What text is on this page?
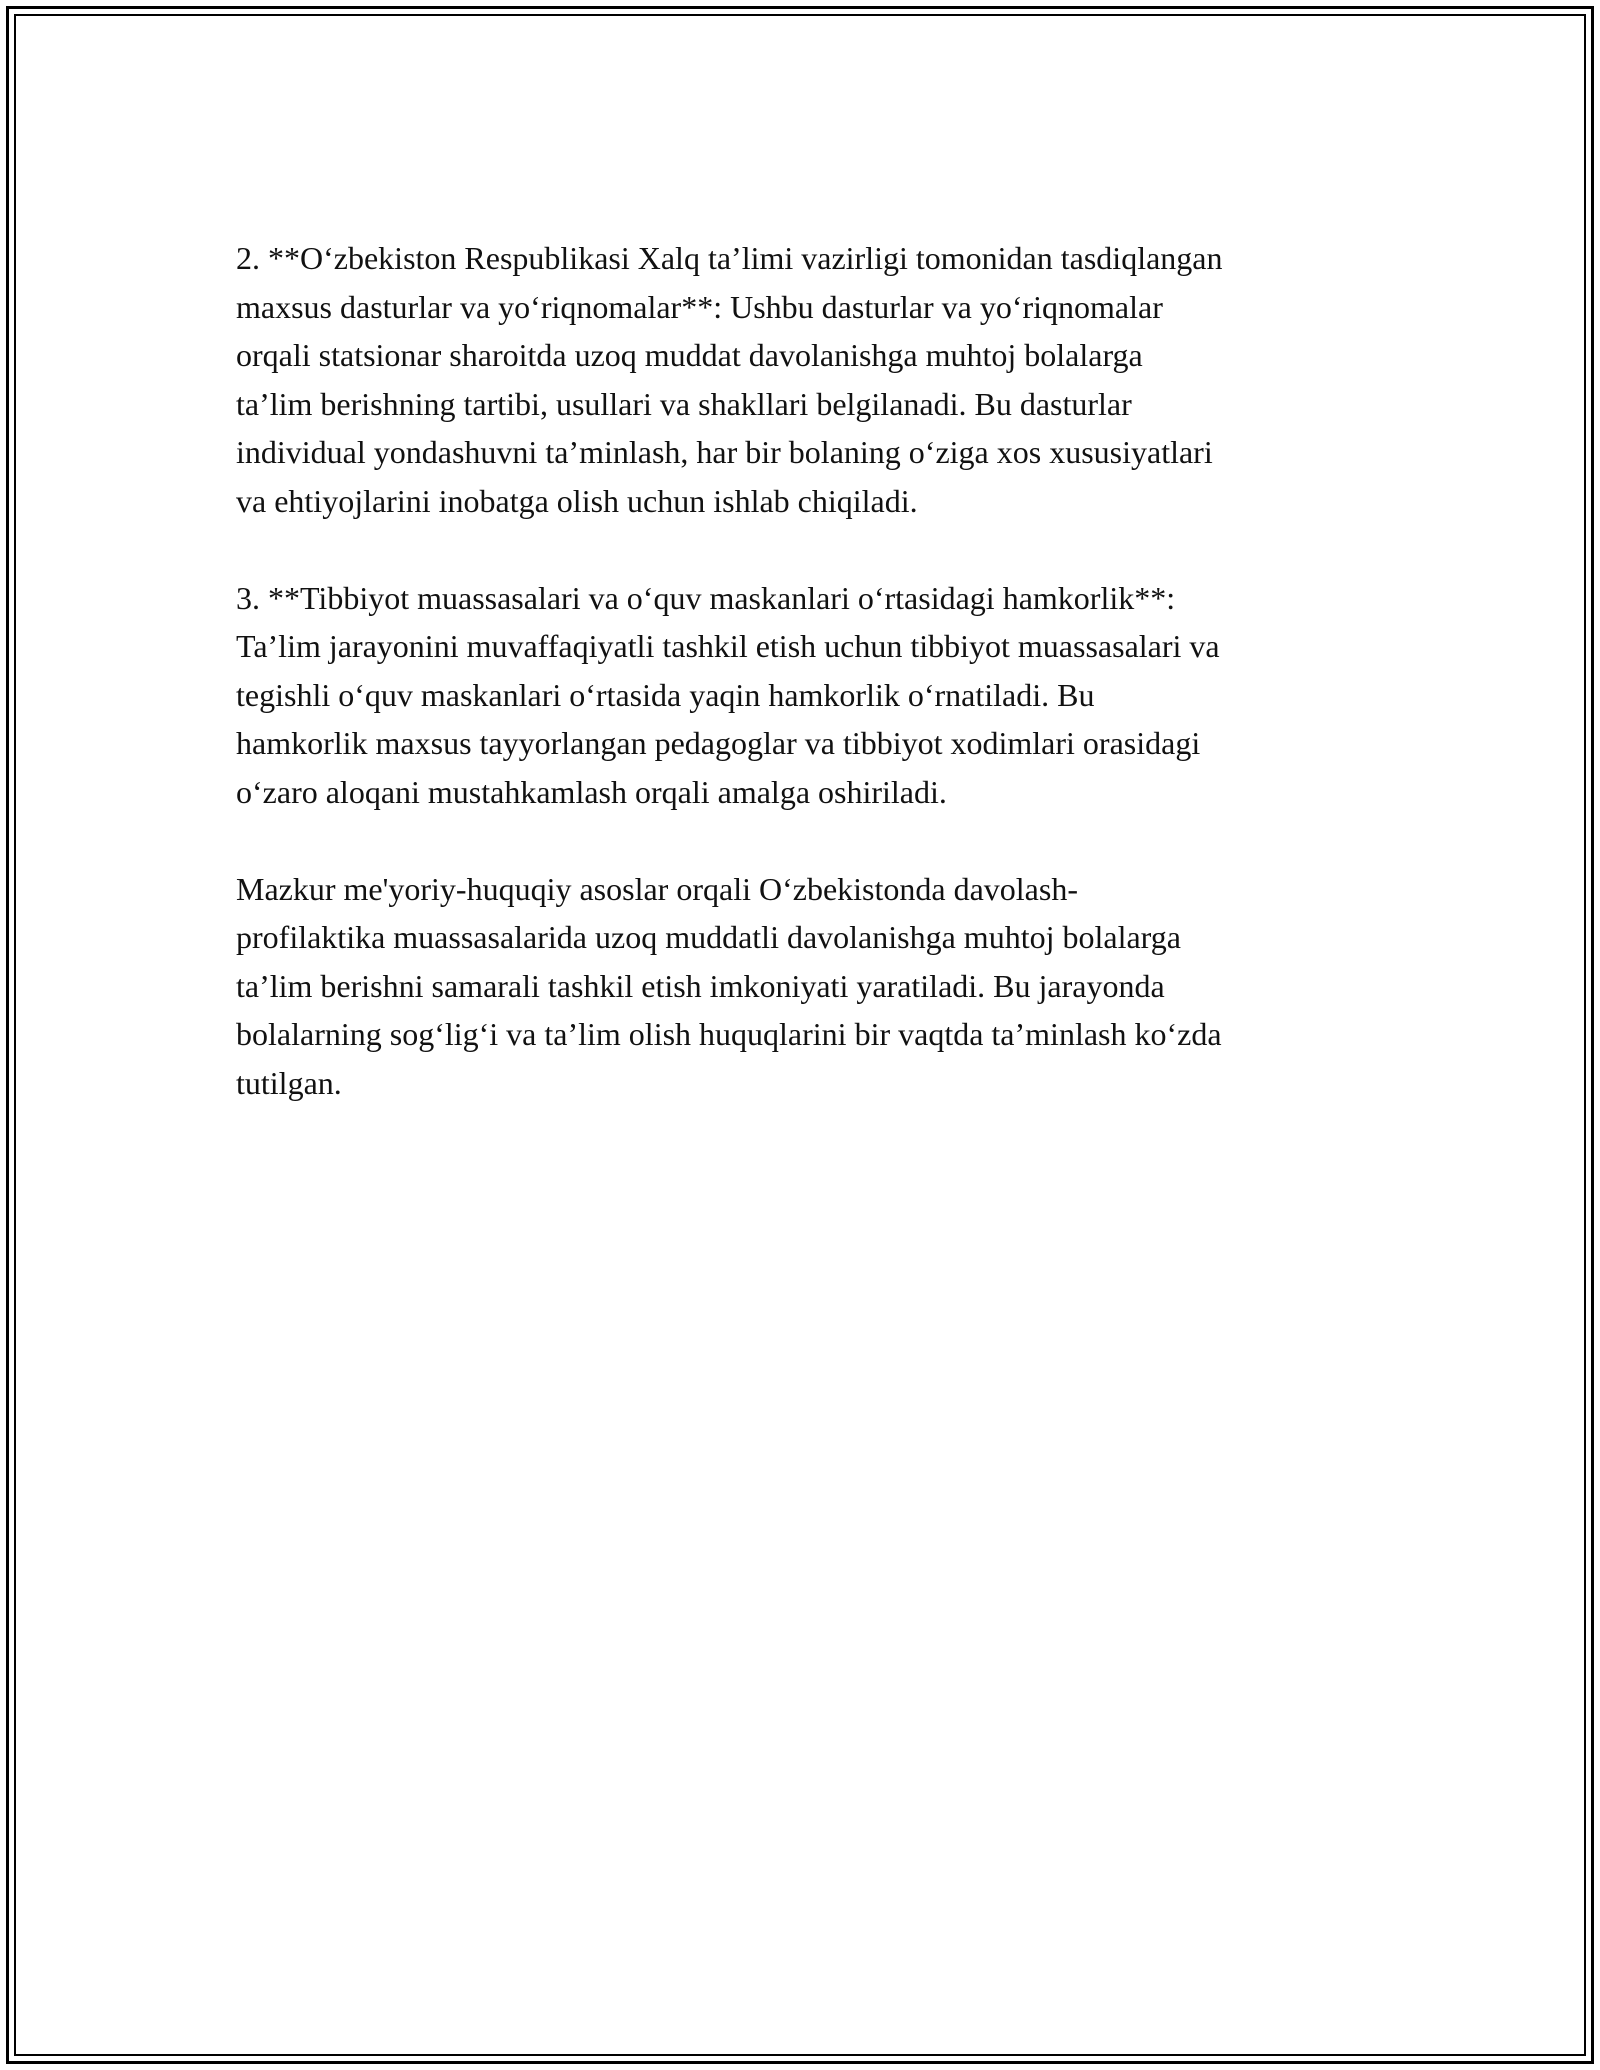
2. **O‘zbekiston Respublikasi Xalq ta’limi vazirligi tomonidan tasdiqlangan
maxsus dasturlar va yo‘riqnomalar**: Ushbu dasturlar va yo‘riqnomalar
orqali statsionar sharoitda uzoq muddat davolanishga muhtoj bolalarga
ta’lim berishning tartibi, usullari va shakllari belgilanadi. Bu dasturlar
individual yondashuvni ta’minlash, har bir bolaning o‘ziga xos xususiyatlari
va ehtiyojlarini inobatga olish uchun ishlab chiqiladi.

3. **Tibbiyot muassasalari va o‘quv maskanlari o‘rtasidagi hamkorlik**:
Ta’lim jarayonini muvaffaqiyatli tashkil etish uchun tibbiyot muassasalari va
tegishli o‘quv maskanlari o‘rtasida yaqin hamkorlik o‘rnatiladi. Bu
hamkorlik maxsus tayyorlangan pedagoglar va tibbiyot xodimlari orasidagi
o‘zaro aloqani mustahkamlash orqali amalga oshiriladi.

Mazkur me'yoriy-huquqiy asoslar orqali O‘zbekistonda davolash-
profilaktika muassasalarida uzoq muddatli davolanishga muhtoj bolalarga
ta’lim berishni samarali tashkil etish imkoniyati yaratiladi. Bu jarayonda
bolalarning sog‘lig‘i va ta’lim olish huquqlarini bir vaqtda ta’minlash ko‘zda
tutilgan.
